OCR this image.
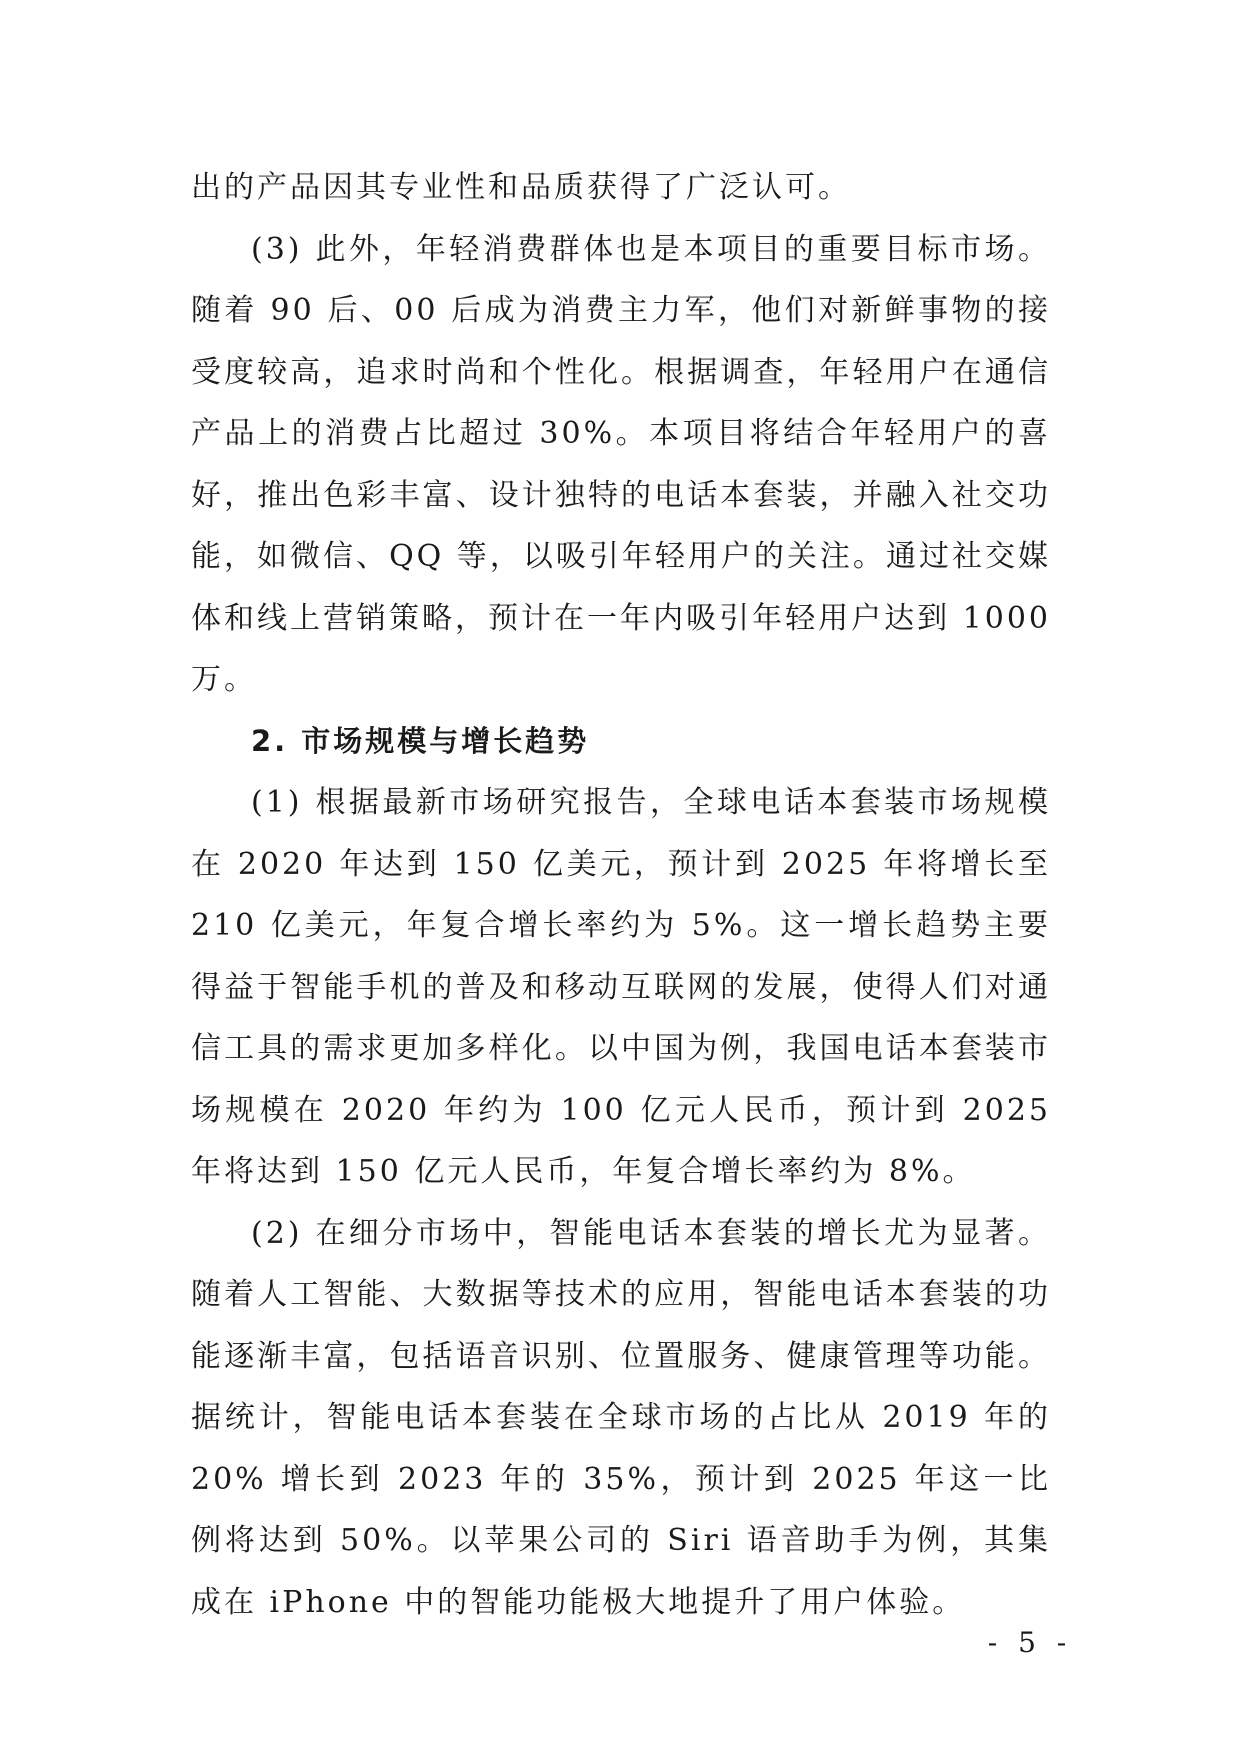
出的产品因其专业性和品质获得了广泛认可。

(3) 此外，年轻消费群体也是本项目的重要目标市场。随着 90 后、00 后成为消费主力军，他们对新鲜事物的接受度较高，追求时尚和个性化。根据调查，年轻用户在通信产品上的消费占比超过 30%。本项目将结合年轻用户的喜好，推出色彩丰富、设计独特的电话本套装，并融入社交功能，如微信、QQ 等，以吸引年轻用户的关注。通过社交媒体和线上营销策略，预计在一年内吸引年轻用户达到 1000 万。

2. 市场规模与增长趋势

(1) 根据最新市场研究报告，全球电话本套装市场规模在 2020 年达到 150 亿美元，预计到 2025 年将增长至 210 亿美元，年复合增长率约为 5%。这一增长趋势主要得益于智能手机的普及和移动互联网的发展，使得人们对通信工具的需求更加多样化。以中国为例，我国电话本套装市场规模在 2020 年约为 100 亿元人民币，预计到 2025 年将达到 150 亿元人民币，年复合增长率约为 8%。

(2) 在细分市场中，智能电话本套装的增长尤为显著。随着人工智能、大数据等技术的应用，智能电话本套装的功能逐渐丰富，包括语音识别、位置服务、健康管理等功能。据统计，智能电话本套装在全球市场的占比从 2019 年的 20% 增长到 2023 年的 35%，预计到 2025 年这一比例将达到 50%。以苹果公司的 Siri 语音助手为例，其集成在 iPhone 中的智能功能极大地提升了用户体验。

- 5 -
